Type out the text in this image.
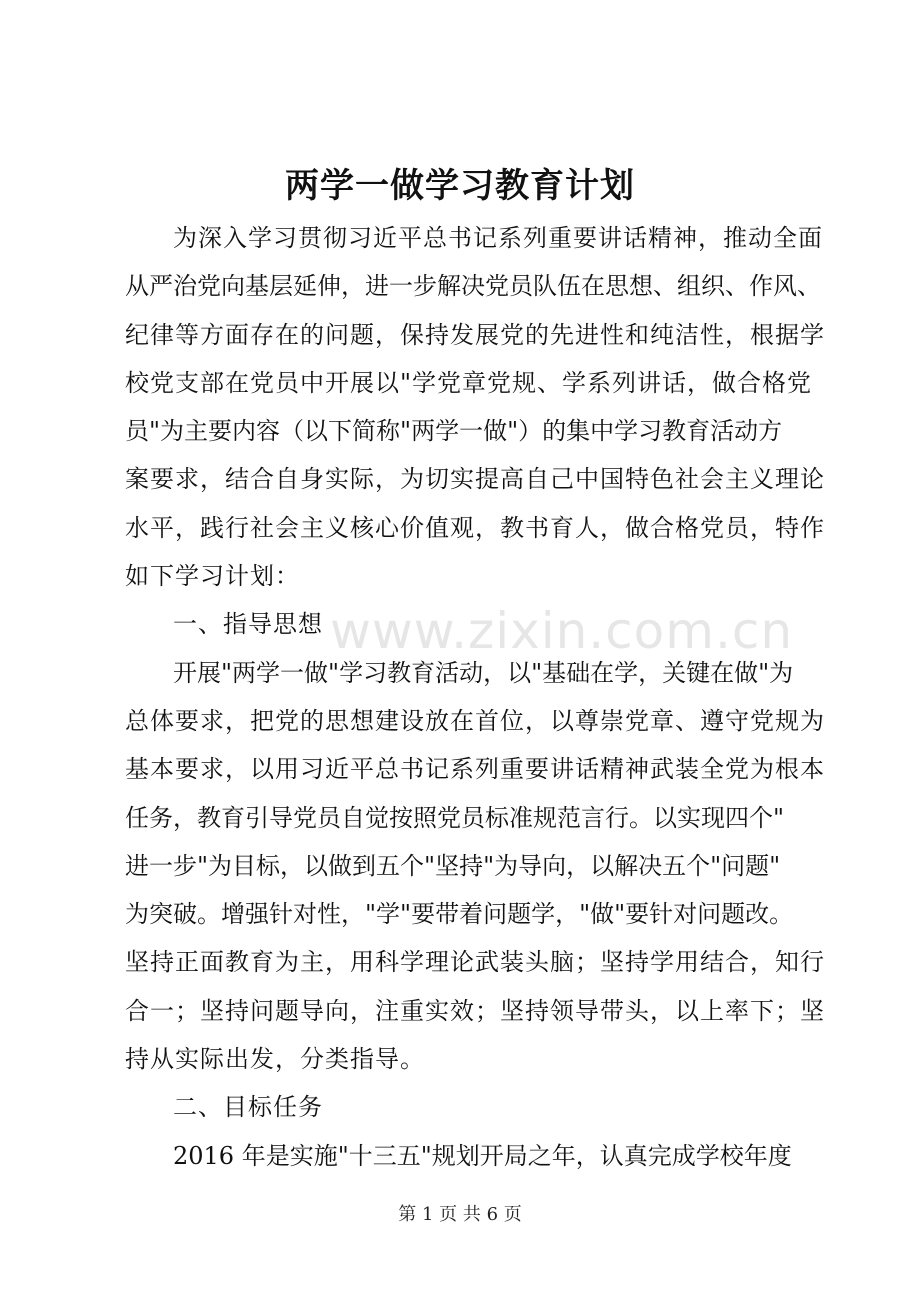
www.zixin.com.cn
两学一做学习教育计划
为深入学习贯彻习近平总书记系列重要讲话精神，推动全面
从严治党向基层延伸，进一步解决党员队伍在思想、组织、作风、
纪律等方面存在的问题，保持发展党的先进性和纯洁性，根据学
校党支部在党员中开展以"学党章党规、学系列讲话，做合格党
员"为主要内容（以下简称"两学一做"）的集中学习教育活动方
案要求，结合自身实际，为切实提高自己中国特色社会主义理论
水平，践行社会主义核心价值观，教书育人，做合格党员，特作
如下学习计划：
一、指导思想
开展"两学一做"学习教育活动，以"基础在学，关键在做"为
总体要求，把党的思想建设放在首位，以尊崇党章、遵守党规为
基本要求，以用习近平总书记系列重要讲话精神武装全党为根本
任务，教育引导党员自觉按照党员标准规范言行。以实现四个"
进一步"为目标，以做到五个"坚持"为导向，以解决五个"问题"
为突破。增强针对性，"学"要带着问题学，"做"要针对问题改。
坚持正面教育为主，用科学理论武装头脑；坚持学用结合，知行
合一；坚持问题导向，注重实效；坚持领导带头，以上率下；坚
持从实际出发，分类指导。
二、目标任务
2016 年是实施"十三五"规划开局之年，认真完成学校年度
第 1 页 共 6 页
